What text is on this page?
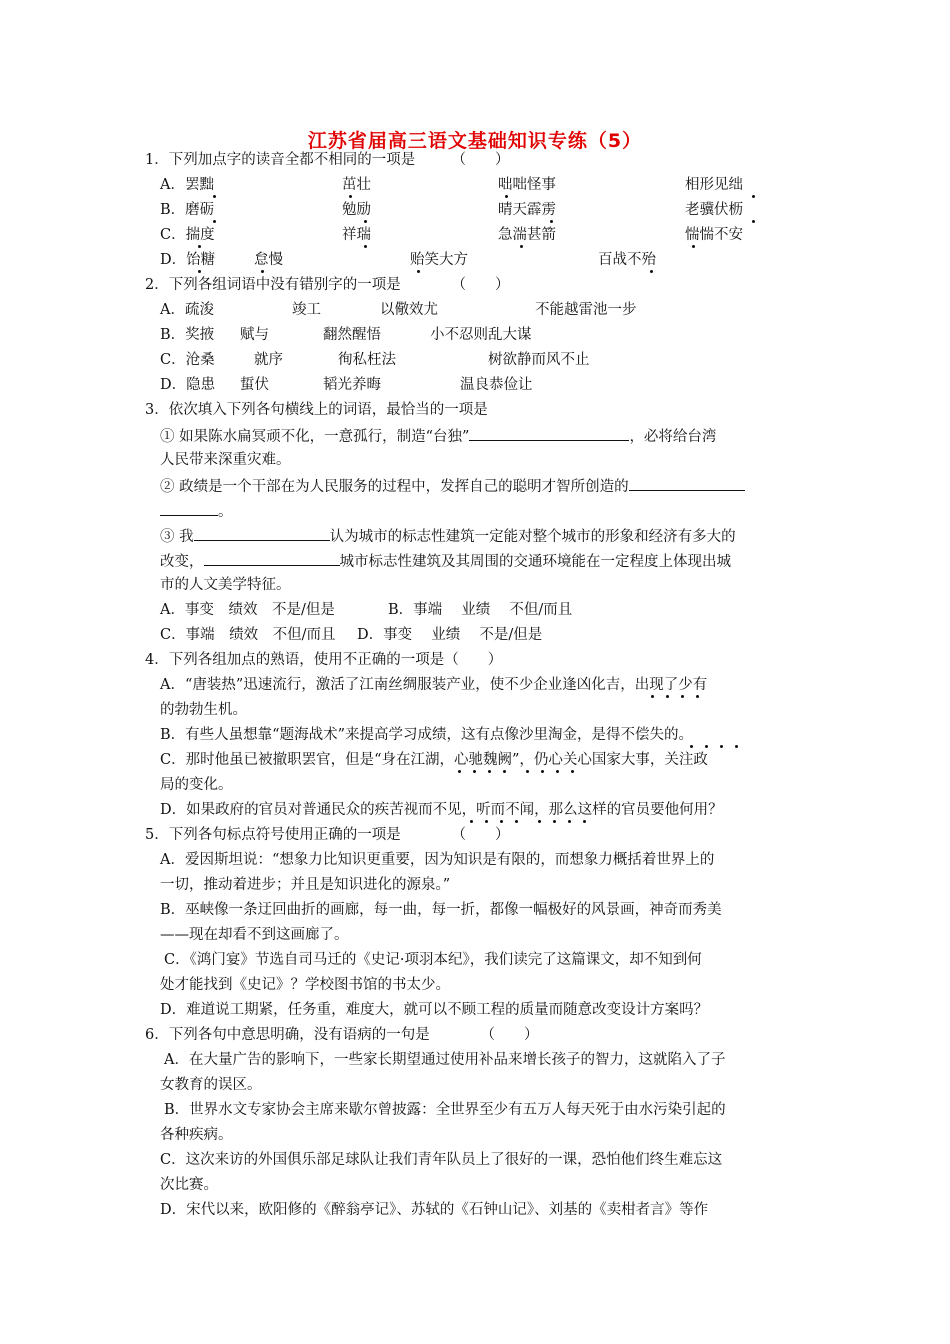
江苏省届高三语文基础知识专练（5）
1．下列加点字的读音全都不相同的一项是　　　（　　）
A．罢黜	茁壮	咄咄怪事	相形见绌
B．磨砺	勉励	晴天霹雳	老骥伏枥
C．揣度	祥瑞	急湍甚箭	惴惴不安
D．饴糖	怠慢	贻笑大方	百战不殆
2．下列各组词语中没有错别字的一项是　　　　（　　）
A．疏浚	竣工	以儆效尤	不能越雷池一步
B．奖掖 赋与	翻然醒悟	小不忍则乱大谋
C．沧桑	就序	徇私枉法	树欲静而风不止
D．隐患 蜇伏	韬光养晦	温良恭俭让
3．依次填入下列各句横线上的词语，最恰当的一项是
① 如果陈水扁冥顽不化，一意孤行，制造“台独”	，必将给台湾
人民带来深重灾难。
② 政绩是一个干部在为人民服务的过程中，发挥自己的聪明才智所创造的
。
③ 我	认为城市的标志性建筑一定能对整个城市的形象和经济有多大的
改变，	城市标志性建筑及其周围的交通环境能在一定程度上体现出城
市的人文美学特征。
A．事变　绩效　不是/但是	B．事端　 业绩　 不但/而且
C．事端　绩效　不但/而且 D．事变　 业绩　 不是/但是
4．下列各组加点的熟语，使用不正确的一项是（　　）
A．“唐装热”迅速流行，激活了江南丝绸服装产业，使不少企业逢凶化吉，出现了少有
的勃勃生机。
B．有些人虽想靠“题海战术”来提高学习成绩，这有点像沙里淘金，是得不偿失的。
C．那时他虽已被撤职罢官，但是“身在江湖，心驰魏阙”，仍心关心国家大事，关注政
局的变化。
D．如果政府的官员对普通民众的疾苦视而不见，听而不闻，那么这样的官员要他何用？
5．下列各句标点符号使用正确的一项是　　　　（　　）
A．爱因斯坦说：“想象力比知识更重要，因为知识是有限的，而想象力概括着世界上的
一切，推动着进步；并且是知识进化的源泉。”
B．巫峡像一条迂回曲折的画廊，每一曲，每一折，都像一幅极好的风景画，神奇而秀美
——现在却看不到这画廊了。
C．《鸿门宴》节选自司马迁的《史记·项羽本纪》，我们读完了这篇课文，却不知到何
处才能找到《史记》？学校图书馆的书太少。
D．难道说工期紧，任务重，难度大，就可以不顾工程的质量而随意改变设计方案吗？
6．下列各句中意思明确，没有语病的一句是　　　　（　　）
A．在大量广告的影响下，一些家长期望通过使用补品来增长孩子的智力，这就陷入了子
女教育的误区。
B．世界水文专家协会主席来歇尔曾披露：全世界至少有五万人每天死于由水污染引起的
各种疾病。
C．这次来访的外国俱乐部足球队让我们青年队员上了很好的一课，恐怕他们终生难忘这
次比赛。
D．宋代以来，欧阳修的《醉翁亭记》、苏轼的《石钟山记》、刘基的《卖柑者言》等作
